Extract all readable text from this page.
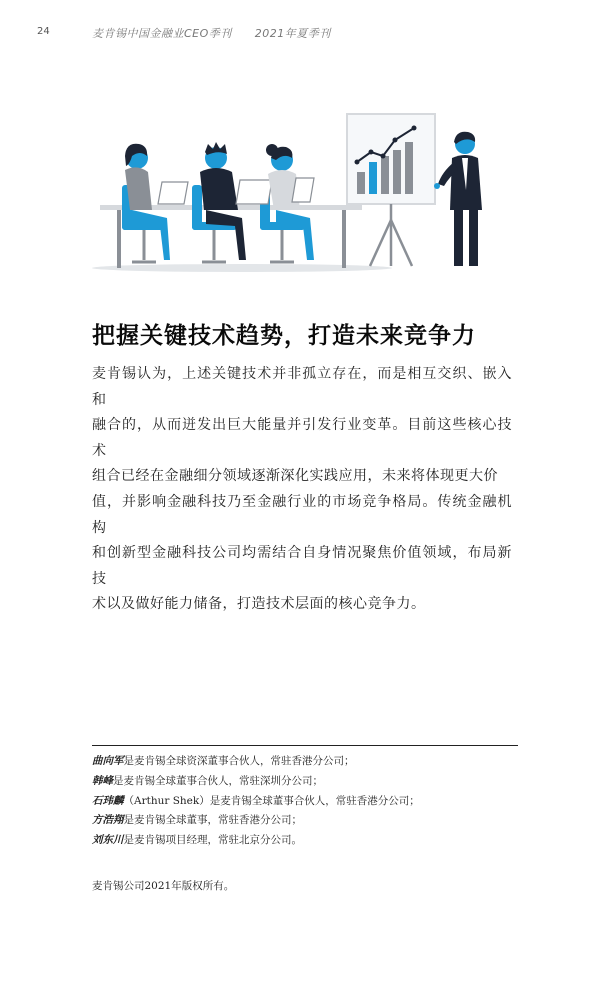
24	麦肯锡中国金融业CEO季刊　　2021年夏季刊
把握关键技术趋势，打造未来竞争力
麦肯锡认为，上述关键技术并非孤立存在，而是相互交织、嵌入和
融合的，从而迸发出巨大能量并引发行业变革。目前这些核心技术
组合已经在金融细分领域逐渐深化实践应用，未来将体现更大价
值，并影响金融科技乃至金融行业的市场竞争格局。传统金融机构
和创新型金融科技公司均需结合自身情况聚焦价值领域，布局新技
术以及做好能力储备，打造技术层面的核心竞争力。
曲向军是麦肯锡全球资深董事合伙人，常驻香港分公司；
韩峰是麦肯锡全球董事合伙人，常驻深圳分公司；
石玮麟（Arthur Shek）是麦肯锡全球董事合伙人，常驻香港分公司；
方浩翔是麦肯锡全球董事，常驻香港分公司；
刘东川是麦肯锡项目经理，常驻北京分公司。
麦肯锡公司2021年版权所有。
